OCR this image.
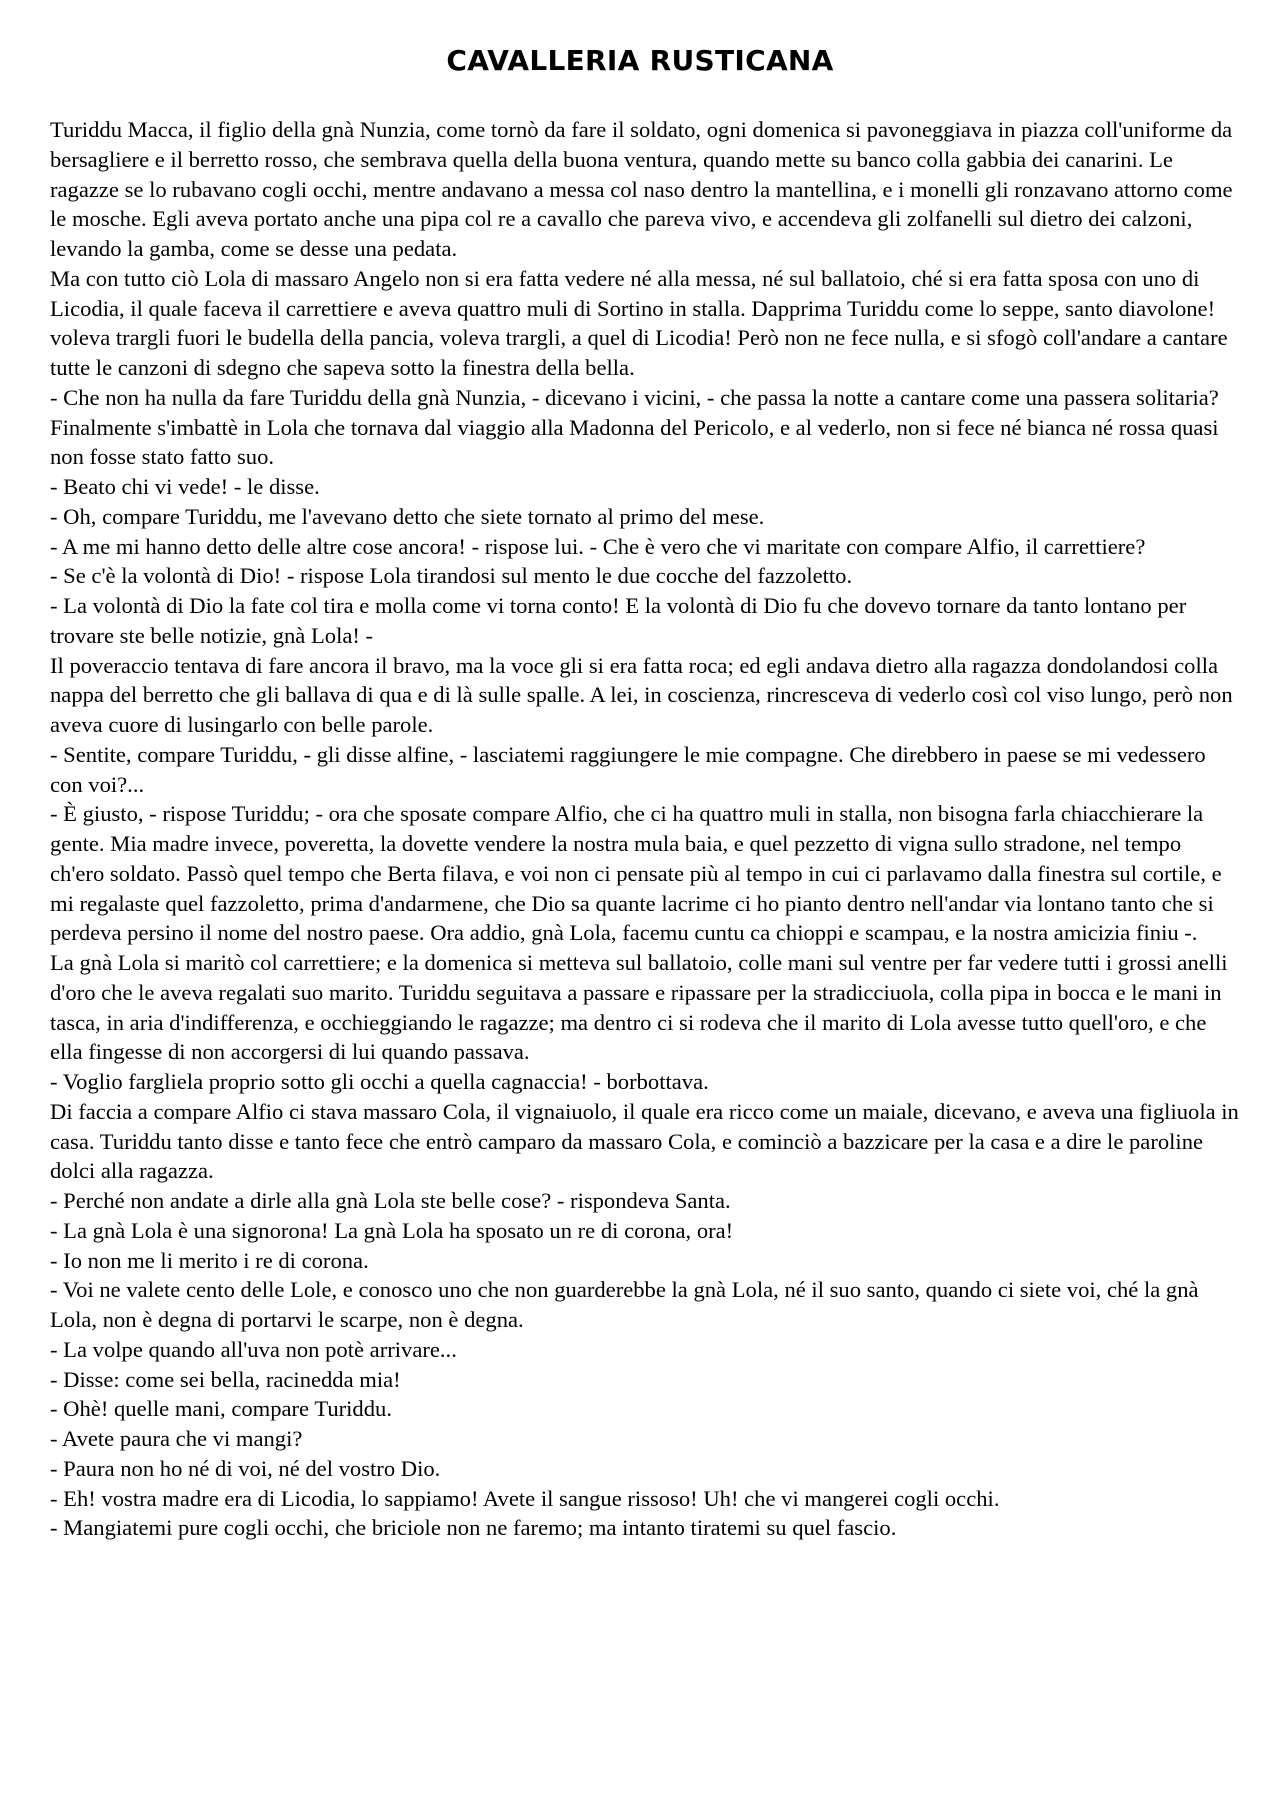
CAVALLERIA RUSTICANA

Turiddu Macca, il figlio della gnà Nunzia, come tornò da fare il soldato, ogni domenica si pavoneggiava in piazza coll'uniforme da bersagliere e il berretto rosso, che sembrava quella della buona ventura, quando mette su banco colla gabbia dei canarini. Le ragazze se lo rubavano cogli occhi, mentre andavano a messa col naso dentro la mantellina, e i monelli gli ronzavano attorno come le mosche. Egli aveva portato anche una pipa col re a cavallo che pareva vivo, e accendeva gli zolfanelli sul dietro dei calzoni, levando la gamba, come se desse una pedata.

Ma con tutto ciò Lola di massaro Angelo non si era fatta vedere né alla messa, né sul ballatoio, ché si era fatta sposa con uno di Licodia, il quale faceva il carrettiere e aveva quattro muli di Sortino in stalla. Dapprima Turiddu come lo seppe, santo diavolone! voleva trargli fuori le budella della pancia, voleva trargli, a quel di Licodia! Però non ne fece nulla, e si sfogò coll'andare a cantare tutte le canzoni di sdegno che sapeva sotto la finestra della bella.

- Che non ha nulla da fare Turiddu della gnà Nunzia, - dicevano i vicini, - che passa la notte a cantare come una passera solitaria?

Finalmente s'imbattè in Lola che tornava dal viaggio alla Madonna del Pericolo, e al vederlo, non si fece né bianca né rossa quasi non fosse stato fatto suo.

- Beato chi vi vede! - le disse.

- Oh, compare Turiddu, me l'avevano detto che siete tornato al primo del mese.

- A me mi hanno detto delle altre cose ancora! - rispose lui. - Che è vero che vi maritate con compare Alfio, il carrettiere?

- Se c'è la volontà di Dio! - rispose Lola tirandosi sul mento le due cocche del fazzoletto.

- La volontà di Dio la fate col tira e molla come vi torna conto! E la volontà di Dio fu che dovevo tornare da tanto lontano per trovare ste belle notizie, gnà Lola! -

Il poveraccio tentava di fare ancora il bravo, ma la voce gli si era fatta roca; ed egli andava dietro alla ragazza dondolandosi colla nappa del berretto che gli ballava di qua e di là sulle spalle. A lei, in coscienza, rincresceva di vederlo così col viso lungo, però non aveva cuore di lusingarlo con belle parole.

- Sentite, compare Turiddu, - gli disse alfine, - lasciatemi raggiungere le mie compagne. Che direbbero in paese se mi vedessero con voi?...

- È giusto, - rispose Turiddu; - ora che sposate compare Alfio, che ci ha quattro muli in stalla, non bisogna farla chiacchierare la gente. Mia madre invece, poveretta, la dovette vendere la nostra mula baia, e quel pezzetto di vigna sullo stradone, nel tempo ch'ero soldato. Passò quel tempo che Berta filava, e voi non ci pensate più al tempo in cui ci parlavamo dalla finestra sul cortile, e mi regalaste quel fazzoletto, prima d'andarmene, che Dio sa quante lacrime ci ho pianto dentro nell'andar via lontano tanto che si perdeva persino il nome del nostro paese. Ora addio, gnà Lola, facemu cuntu ca chioppi e scampau, e la nostra amicizia finiu -.

La gnà Lola si maritò col carrettiere; e la domenica si metteva sul ballatoio, colle mani sul ventre per far vedere tutti i grossi anelli d'oro che le aveva regalati suo marito. Turiddu seguitava a passare e ripassare per la stradicciuola, colla pipa in bocca e le mani in tasca, in aria d'indifferenza, e occhieggiando le ragazze; ma dentro ci si rodeva che il marito di Lola avesse tutto quell'oro, e che ella fingesse di non accorgersi di lui quando passava.

- Voglio fargliela proprio sotto gli occhi a quella cagnaccia! - borbottava.

Di faccia a compare Alfio ci stava massaro Cola, il vignaiuolo, il quale era ricco come un maiale, dicevano, e aveva una figliuola in casa. Turiddu tanto disse e tanto fece che entrò camparo da massaro Cola, e cominciò a bazzicare per la casa e a dire le paroline dolci alla ragazza.

- Perché non andate a dirle alla gnà Lola ste belle cose? - rispondeva Santa.

- La gnà Lola è una signorona! La gnà Lola ha sposato un re di corona, ora!

- Io non me li merito i re di corona.

- Voi ne valete cento delle Lole, e conosco uno che non guarderebbe la gnà Lola, né il suo santo, quando ci siete voi, ché la gnà Lola, non è degna di portarvi le scarpe, non è degna.

- La volpe quando all'uva non potè arrivare...

- Disse: come sei bella, racinedda mia!

- Ohè! quelle mani, compare Turiddu.

- Avete paura che vi mangi?

- Paura non ho né di voi, né del vostro Dio.

- Eh! vostra madre era di Licodia, lo sappiamo! Avete il sangue rissoso! Uh! che vi mangerei cogli occhi.

- Mangiatemi pure cogli occhi, che briciole non ne faremo; ma intanto tiratemi su quel fascio.
